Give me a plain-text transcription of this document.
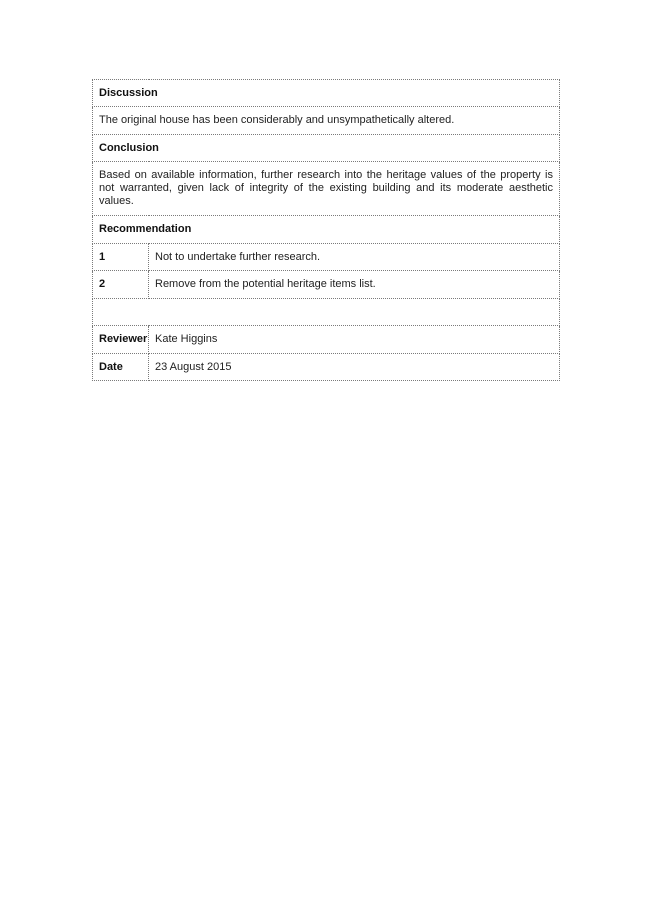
Discussion	
The original house has been considerably and unsympathetically altered.	
Conclusion	
Based on available information, further research into the heritage values of the property is not warranted, given lack of integrity of the existing building and its moderate aesthetic values.	
Recommendation	
1	Not to undertake further research.
2	Remove from the potential heritage items list.

Reviewer	Kate Higgins
Date	23 August 2015
